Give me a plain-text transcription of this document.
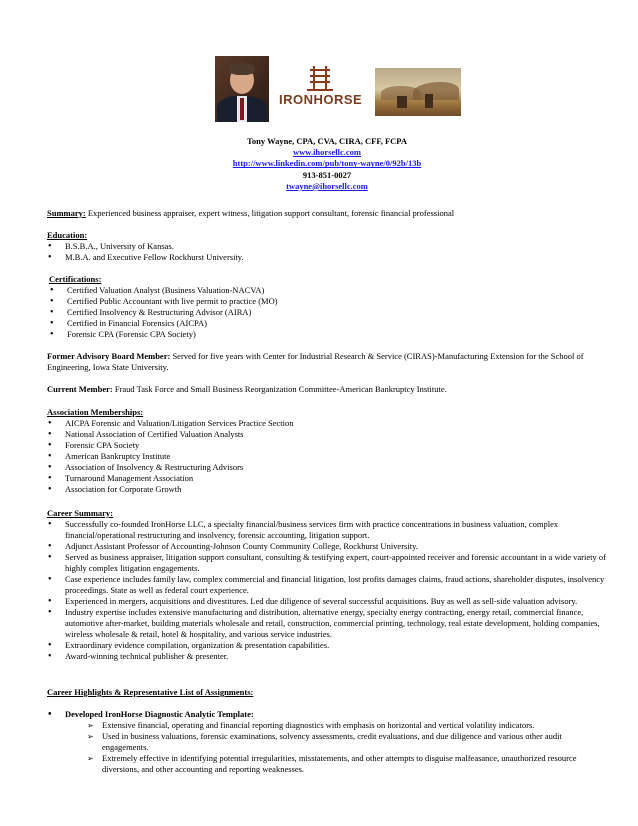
IRONHORSE
Tony Wayne, CPA, CVA, CIRA, CFF, FCPA
www.ihorsellc.com
http://www.linkedin.com/pub/tony-wayne/0/92b/13b
913-851-0027
twayne@ihorsellc.com

Summary: Experienced business appraiser, expert witness, litigation support consultant, forensic financial professional

Education:

• B.S.B.A., University of Kansas.
• M.B.A. and Executive Fellow Rockhurst University.

Certifications:

• Certified Valuation Analyst (Business Valuation-NACVA)
• Certified Public Accountant with live permit to practice (MO)
• Certified Insolvency & Restructuring Advisor (AIRA)
• Certified in Financial Forensics (AICPA)
• Forensic CPA (Forensic CPA Society)

Former Advisory Board Member: Served for five years with Center for Industrial Research & Service (CIRAS)-Manufacturing Extension for the School of Engineering, Iowa State University.

Current Member: Fraud Task Force and Small Business Reorganization Committee-American Bankruptcy Institute.

Association Memberships:

• AICPA Forensic and Valuation/Litigation Services Practice Section
• National Association of Certified Valuation Analysts
• Forensic CPA Society
• American Bankruptcy Institute
• Association of Insolvency & Restructuring Advisors
• Turnaround Management Association
• Association for Corporate Growth

Career Summary:

• Successfully co-founded IronHorse LLC, a specialty financial/business services firm with practice concentrations in business valuation, complex financial/operational restructuring and insolvency, forensic accounting, litigation support.
• Adjunct Assistant Professor of Accounting-Johnson County Community College, Rockhurst University.
• Served as business appraiser, litigation support consultant, consulting & testifying expert, court-appointed receiver and forensic accountant in a wide variety of highly complex litigation engagements.
• Case experience includes family law, complex commercial and financial litigation, lost profits damages claims, fraud actions, shareholder disputes, insolvency proceedings. State as well as federal court experience.
• Experienced in mergers, acquisitions and divestitures. Led due diligence of several successful acquisitions. Buy as well as sell-side valuation advisory.
• Industry expertise includes extensive manufacturing and distribution, alternative energy, specialty energy contracting, energy retail, commercial finance, automotive after-market, building materials wholesale and retail, construction, commercial printing, technology, real estate development, holding companies, wireless wholesale & retail, hotel & hospitality, and various service industries.
• Extraordinary evidence compilation, organization & presentation capabilities.
• Award-winning technical publisher & presenter.

Career Highlights & Representative List of Assignments:

• Developed IronHorse Diagnostic Analytic Template:
➢ Extensive financial, operating and financial reporting diagnostics with emphasis on horizontal and vertical volatility indicators.
➢ Used in business valuations, forensic examinations, solvency assessments, credit evaluations, and due diligence and various other audit engagements.
➢ Extremely effective in identifying potential irregularities, misstatements, and other attempts to disguise malfeasance, unauthorized resource diversions, and other accounting and reporting weaknesses.
